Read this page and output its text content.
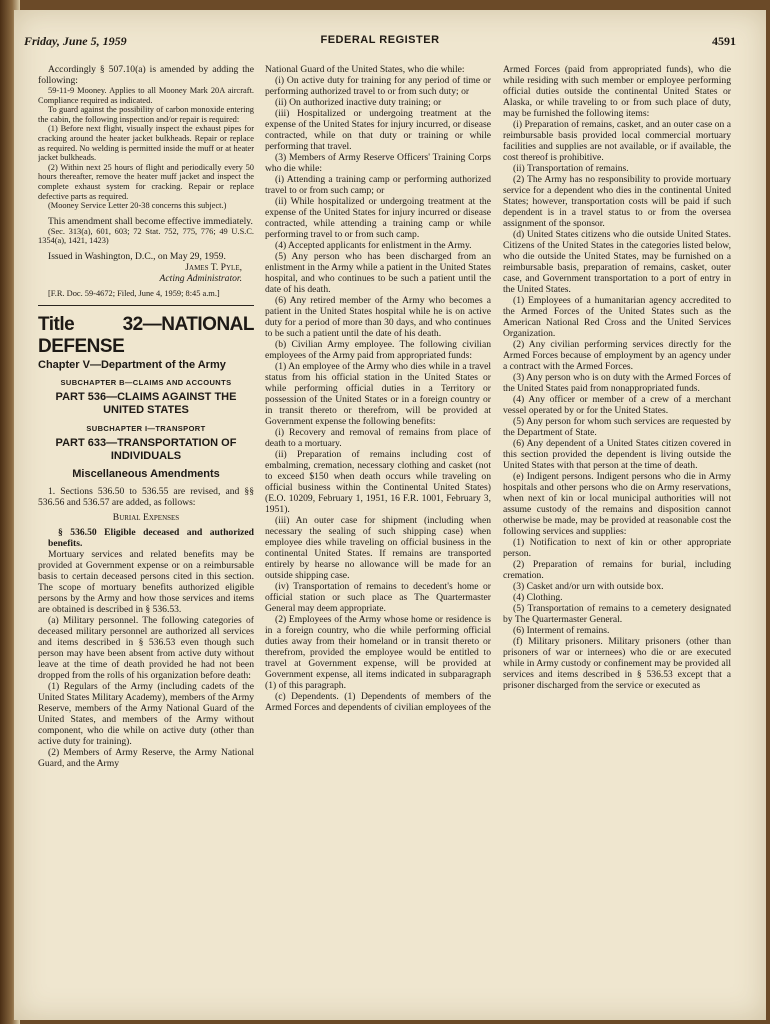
Friday, June 5, 1959	FEDERAL REGISTER	4591

Accordingly § 507.10(a) is amended by adding the following:

59-11-9 Mooney. Applies to all Mooney Mark 20A aircraft. Compliance required as indicated.

To guard against the possibility of carbon monoxide entering the cabin, the following inspection and/or repair is required:

(1) Before next flight, visually inspect the exhaust pipes for cracking around the heater jacket bulkheads. Repair or replace as required. No welding is permitted inside the muff or at heater jacket bulkheads.

(2) Within next 25 hours of flight and periodically every 50 hours thereafter, remove the heater muff jacket and inspect the complete exhaust system for cracking. Repair or replace defective parts as required.

(Mooney Service Letter 20-38 concerns this subject.)

This amendment shall become effective immediately.

(Sec. 313(a), 601, 603; 72 Stat. 752, 775, 776; 49 U.S.C. 1354(a), 1421, 1423)

Issued in Washington, D.C., on May 29, 1959.

James T. Pyle,

Acting Administrator.

[F.R. Doc. 59-4672; Filed, June 4, 1959; 8:45 a.m.]

Title 32—NATIONAL DEFENSE
Chapter V—Department of the Army
SUBCHAPTER B—CLAIMS AND ACCOUNTS
PART 536—CLAIMS AGAINST THE UNITED STATES
SUBCHAPTER I—TRANSPORT
PART 633—TRANSPORTATION OF INDIVIDUALS
Miscellaneous Amendments

1. Sections 536.50 to 536.55 are revised, and §§ 536.56 and 536.57 are added, as follows:

Burial Expenses

§ 536.50 Eligible deceased and authorized benefits.

Mortuary services and related benefits may be provided at Government expense or on a reimbursable basis to certain deceased persons cited in this section. The scope of mortuary benefits authorized eligible persons by the Army and how those services and items are obtained is described in § 536.53.

(a) Military personnel. The following categories of deceased military personnel are authorized all services and items described in § 536.53 even though such person may have been absent from active duty without leave at the time of death provided he had not been dropped from the rolls of his organization before death:

(1) Regulars of the Army (including cadets of the United States Military Academy), members of the Army Reserve, members of the Army National Guard of the United States, and members of the Army without component, who die while on active duty (other than active duty for training).

(2) Members of Army Reserve, the Army National Guard, and the Army

National Guard of the United States, who die while:

(i) On active duty for training for any period of time or performing authorized travel to or from such duty; or

(ii) On authorized inactive duty training; or

(iii) Hospitalized or undergoing treatment at the expense of the United States for injury incurred, or disease contracted, while on that duty or training or while performing that travel.

(3) Members of Army Reserve Officers' Training Corps who die while:

(i) Attending a training camp or performing authorized travel to or from such camp; or

(ii) While hospitalized or undergoing treatment at the expense of the United States for injury incurred or disease contracted, while attending a training camp or while performing travel to or from such camp.

(4) Accepted applicants for enlistment in the Army.

(5) Any person who has been discharged from an enlistment in the Army while a patient in the United States hospital, and who continues to be such a patient until the date of his death.

(6) Any retired member of the Army who becomes a patient in the United States hospital while he is on active duty for a period of more than 30 days, and who continues to be such a patient until the date of his death.

(b) Civilian Army employee. The following civilian employees of the Army paid from appropriated funds:

(1) An employee of the Army who dies while in a travel status from his official station in the United States or while performing official duties in a Territory or possession of the United States or in a foreign country or in transit thereto or therefrom, will be provided at Government expense the following benefits:

(i) Recovery and removal of remains from place of death to a mortuary.

(ii) Preparation of remains including cost of embalming, cremation, necessary clothing and casket (not to exceed $150 when death occurs while traveling on official business within the Continental United States) (E.O. 10209, February 1, 1951, 16 F.R. 1001, February 3, 1951).

(iii) An outer case for shipment (including when necessary the sealing of such shipping case) when employee dies while traveling on official business in the continental United States. If remains are transported entirely by hearse no allowance will be made for an outside shipping case.

(iv) Transportation of remains to decedent's home or official station or such place as The Quartermaster General may deem appropriate.

(2) Employees of the Army whose home or residence is in a foreign country, who die while performing official duties away from their homeland or in transit thereto or therefrom, provided the employee would be entitled to travel at Government expense, will be provided at Government expense, all items indicated in subparagraph (1) of this paragraph.

(c) Dependents. (1) Dependents of members of the Armed Forces and dependents of civilian employees of the

Armed Forces (paid from appropriated funds), who die while residing with such member or employee performing official duties outside the continental United States or Alaska, or while traveling to or from such place of duty, may be furnished the following items:

(i) Preparation of remains, casket, and an outer case on a reimbursable basis provided local commercial mortuary facilities and supplies are not available, or if available, the cost thereof is prohibitive.

(ii) Transportation of remains.

(2) The Army has no responsibility to provide mortuary service for a dependent who dies in the continental United States; however, transportation costs will be paid if such dependent is in a travel status to or from the oversea assignment of the sponsor.

(d) United States citizens who die outside United States. Citizens of the United States in the categories listed below, who die outside the United States, may be furnished on a reimbursable basis, preparation of remains, casket, outer case, and Government transportation to a port of entry in the United States.

(1) Employees of a humanitarian agency accredited to the Armed Forces of the United States such as the American National Red Cross and the United Services Organization.

(2) Any civilian performing services directly for the Armed Forces because of employment by an agency under a contract with the Armed Forces.

(3) Any person who is on duty with the Armed Forces of the United States paid from nonappropriated funds.

(4) Any officer or member of a crew of a merchant vessel operated by or for the United States.

(5) Any person for whom such services are requested by the Department of State.

(6) Any dependent of a United States citizen covered in this section provided the dependent is living outside the United States with that person at the time of death.

(e) Indigent persons. Indigent persons who die in Army hospitals and other persons who die on Army reservations, when next of kin or local municipal authorities will not assume custody of the remains and disposition cannot otherwise be made, may be provided at reasonable cost the following services and supplies:

(1) Notification to next of kin or other appropriate person.

(2) Preparation of remains for burial, including cremation.

(3) Casket and/or urn with outside box.

(4) Clothing.

(5) Transportation of remains to a cemetery designated by The Quartermaster General.

(6) Interment of remains.

(f) Military prisoners. Military prisoners (other than prisoners of war or internees) who die or are executed while in Army custody or confinement may be provided all services and items described in § 536.53 except that a prisoner discharged from the service or executed as
